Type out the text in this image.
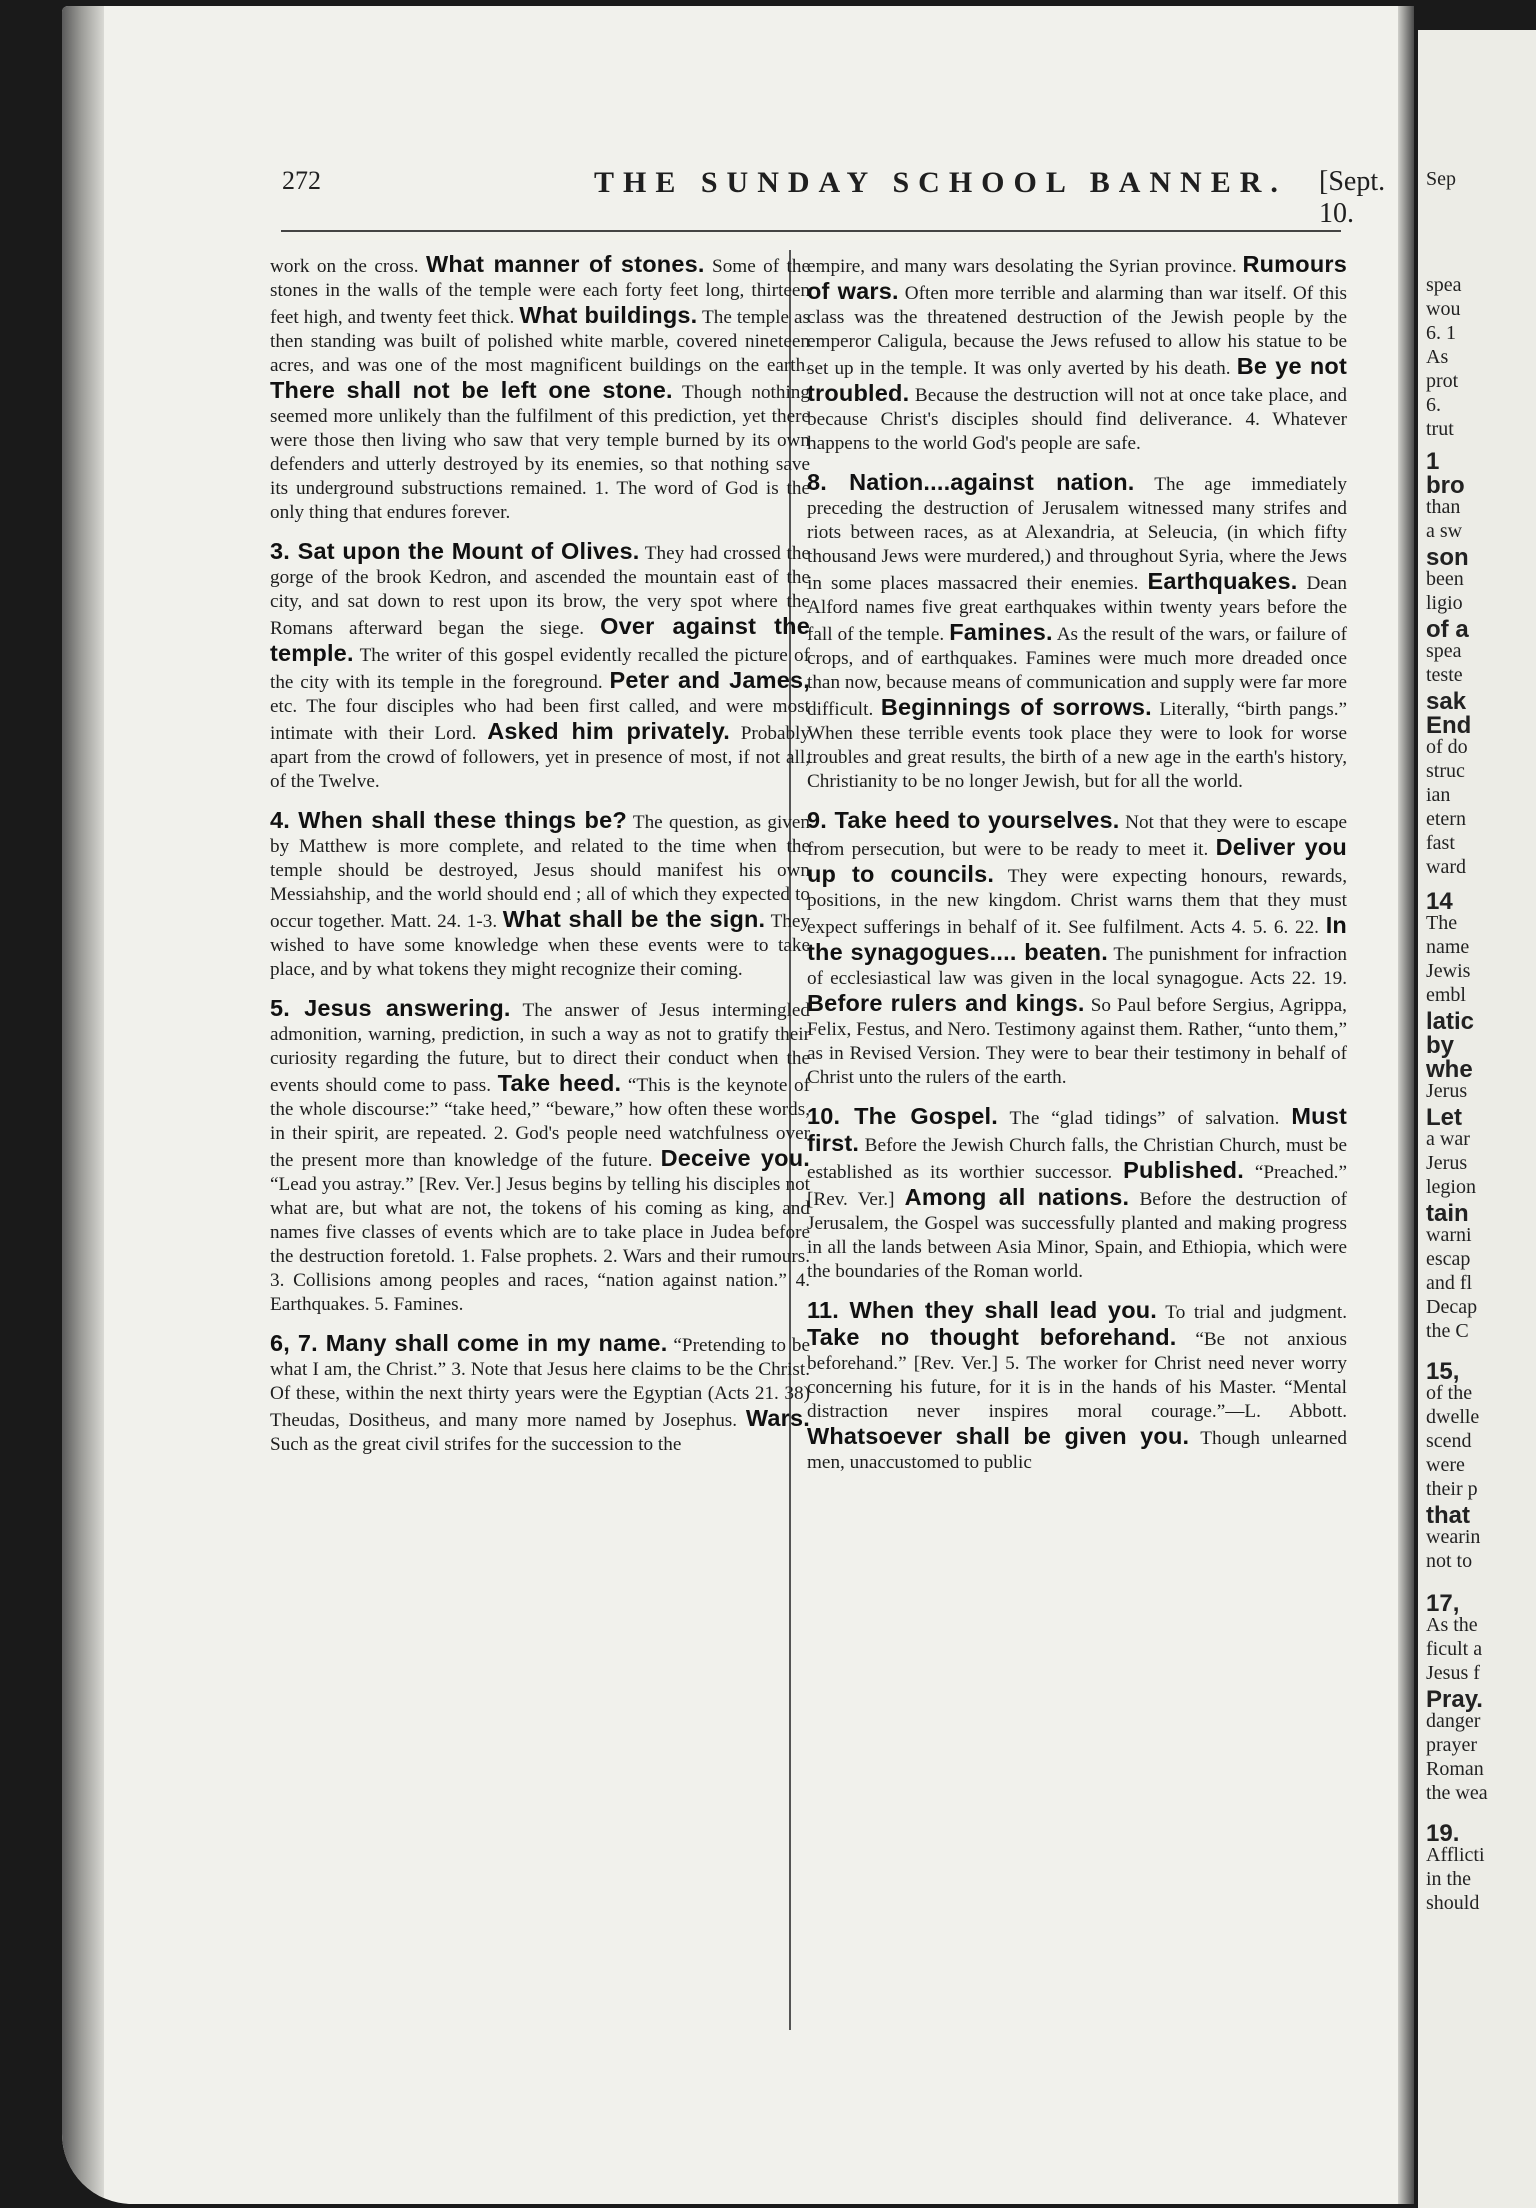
272	THE SUNDAY SCHOOL BANNER. [Sept. 10.

work on the cross. What manner of stones. Some of the stones in the walls of the temple were each forty feet long, thirteen feet high, and twenty feet thick. What buildings. The temple as then standing was built of polished white marble, covered nineteen acres, and was one of the most magnificent buildings on the earth. There shall not be left one stone. Though nothing seemed more unlikely than the fulfilment of this prediction, yet there were those then living who saw that very temple burned by its own defenders and utterly destroyed by its enemies, so that nothing save its underground substructions remained. 1. The word of God is the only thing that endures forever.

3. Sat upon the Mount of Olives. They had crossed the gorge of the brook Kedron, and ascended the mountain east of the city, and sat down to rest upon its brow, the very spot where the Romans afterward began the siege. Over against the temple. The writer of this gospel evidently recalled the picture of the city with its temple in the foreground. Peter and James, etc. The four disciples who had been first called, and were most intimate with their Lord. Asked him privately. Probably apart from the crowd of followers, yet in presence of most, if not all, of the Twelve.

4. When shall these things be? The question, as given by Matthew is more complete, and related to the time when the temple should be destroyed, Jesus should manifest his own Messiahship, and the world should end ; all of which they expected to occur together. Matt. 24. 1-3. What shall be the sign. They wished to have some knowledge when these events were to take place, and by what tokens they might recognize their coming.

5. Jesus answering. The answer of Jesus intermingled admonition, warning, prediction, in such a way as not to gratify their curiosity regarding the future, but to direct their conduct when the events should come to pass. Take heed. “This is the keynote of the whole discourse:” “take heed,” “beware,” how often these words, in their spirit, are repeated. 2. God's people need watchfulness over the present more than knowledge of the future. Deceive you. “Lead you astray.” [Rev. Ver.] Jesus begins by telling his disciples not what are, but what are not, the tokens of his coming as king, and names five classes of events which are to take place in Judea before the destruction foretold. 1. False prophets. 2. Wars and their rumours. 3. Collisions among peoples and races, “nation against nation.” 4. Earthquakes. 5. Famines.

6, 7. Many shall come in my name. “Pretending to be what I am, the Christ.” 3. Note that Jesus here claims to be the Christ. Of these, within the next thirty years were the Egyptian (Acts 21. 38) Theudas, Dositheus, and many more named by Josephus. Wars. Such as the great civil strifes for the succession to the

empire, and many wars desolating the Syrian province. Rumours of wars. Often more terrible and alarming than war itself. Of this class was the threatened destruction of the Jewish people by the emperor Caligula, because the Jews refused to allow his statue to be set up in the temple. It was only averted by his death. Be ye not troubled. Because the destruction will not at once take place, and because Christ's disciples should find deliverance. 4. Whatever happens to the world God's people are safe.

8. Nation....against nation. The age immediately preceding the destruction of Jerusalem witnessed many strifes and riots between races, as at Alexandria, at Seleucia, (in which fifty thousand Jews were murdered,) and throughout Syria, where the Jews in some places massacred their enemies. Earthquakes. Dean Alford names five great earthquakes within twenty years before the fall of the temple. Famines. As the result of the wars, or failure of crops, and of earthquakes. Famines were much more dreaded once than now, because means of communication and supply were far more difficult. Beginnings of sorrows. Literally, “birth pangs.” When these terrible events took place they were to look for worse troubles and great results, the birth of a new age in the earth's history, Christianity to be no longer Jewish, but for all the world.

9. Take heed to yourselves. Not that they were to escape from persecution, but were to be ready to meet it. Deliver you up to councils. They were expecting honours, rewards, positions, in the new kingdom. Christ warns them that they must expect sufferings in behalf of it. See fulfilment. Acts 4. 5. 6. 22. In the synagogues.... beaten. The punishment for infraction of ecclesiastical law was given in the local synagogue. Acts 22. 19. Before rulers and kings. So Paul before Sergius, Agrippa, Felix, Festus, and Nero. Testimony against them. Rather, “unto them,” as in Revised Version. They were to bear their testimony in behalf of Christ unto the rulers of the earth.

10. The Gospel. The “glad tidings” of salvation. Must first. Before the Jewish Church falls, the Christian Church, must be established as its worthier successor. Published. “Preached.” [Rev. Ver.] Among all nations. Before the destruction of Jerusalem, the Gospel was successfully planted and making progress in all the lands between Asia Minor, Spain, and Ethiopia, which were the boundaries of the Roman world.

11. When they shall lead you. To trial and judgment. Take no thought beforehand. “Be not anxious beforehand.” [Rev. Ver.] 5. The worker for Christ need never worry concerning his future, for it is in the hands of his Master. “Mental distraction never inspires moral courage.”—L. Abbott. Whatsoever shall be given you. Though unlearned men, unaccustomed to public

Sep
spea
wou
6. 1
As
prot
6.
trut
1
bro
than
a sw
son
been
ligio
of a
spea
teste
sak
End
of do
struc
ian
etern
fast
ward
14
The
name
Jewis
embl
latic
by
whe
Jerus
Let
a war
Jerus
legion
tain
warni
escap
and fl
Decap
the C
15,
of the
dwelle
scend
were
their p
that
wearin
not to
17,
As the
ficult a
Jesus f
Pray.
danger
prayer
Roman
the wea
19.
Afflicti
in the
should
